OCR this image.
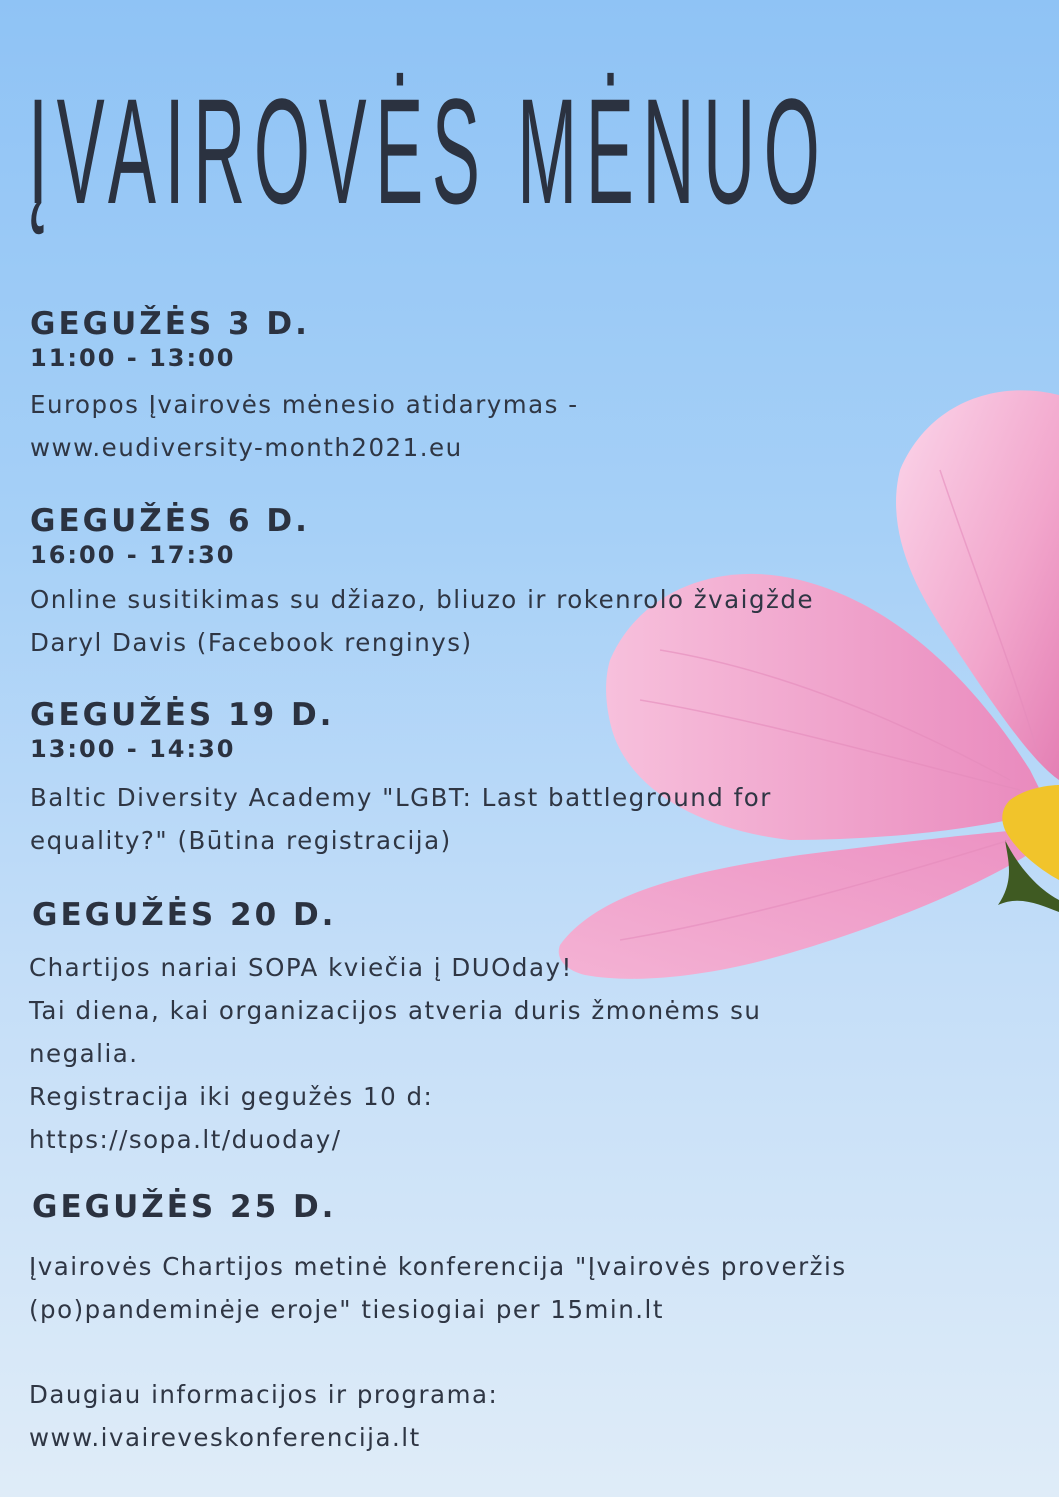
ĮVAIROVĖS MĖNUO
GEGUŽĖS 3 D.
11:00 - 13:00
Europos Įvairovės mėnesio atidarymas -
www.eudiversity-month2021.eu
GEGUŽĖS 6 D.
16:00 - 17:30
Online susitikimas su džiazo, bliuzo ir rokenrolo žvaigžde
Daryl Davis (Facebook renginys)
GEGUŽĖS 19 D.
13:00 - 14:30
Baltic Diversity Academy "LGBT: Last battleground for
equality?" (Būtina registracija)
GEGUŽĖS 20 D.
Chartijos nariai SOPA kviečia į DUOday!
Tai diena, kai organizacijos atveria duris žmonėms su
negalia.
Registracija iki gegužės 10 d:
https://sopa.lt/duoday/
GEGUŽĖS 25 D.
Įvairovės Chartijos metinė konferencija "Įvairovės proveržis
(po)pandeminėje eroje" tiesiogiai per 15min.lt
Daugiau informacijos ir programa:
www.ivaireveskonferencija.lt
